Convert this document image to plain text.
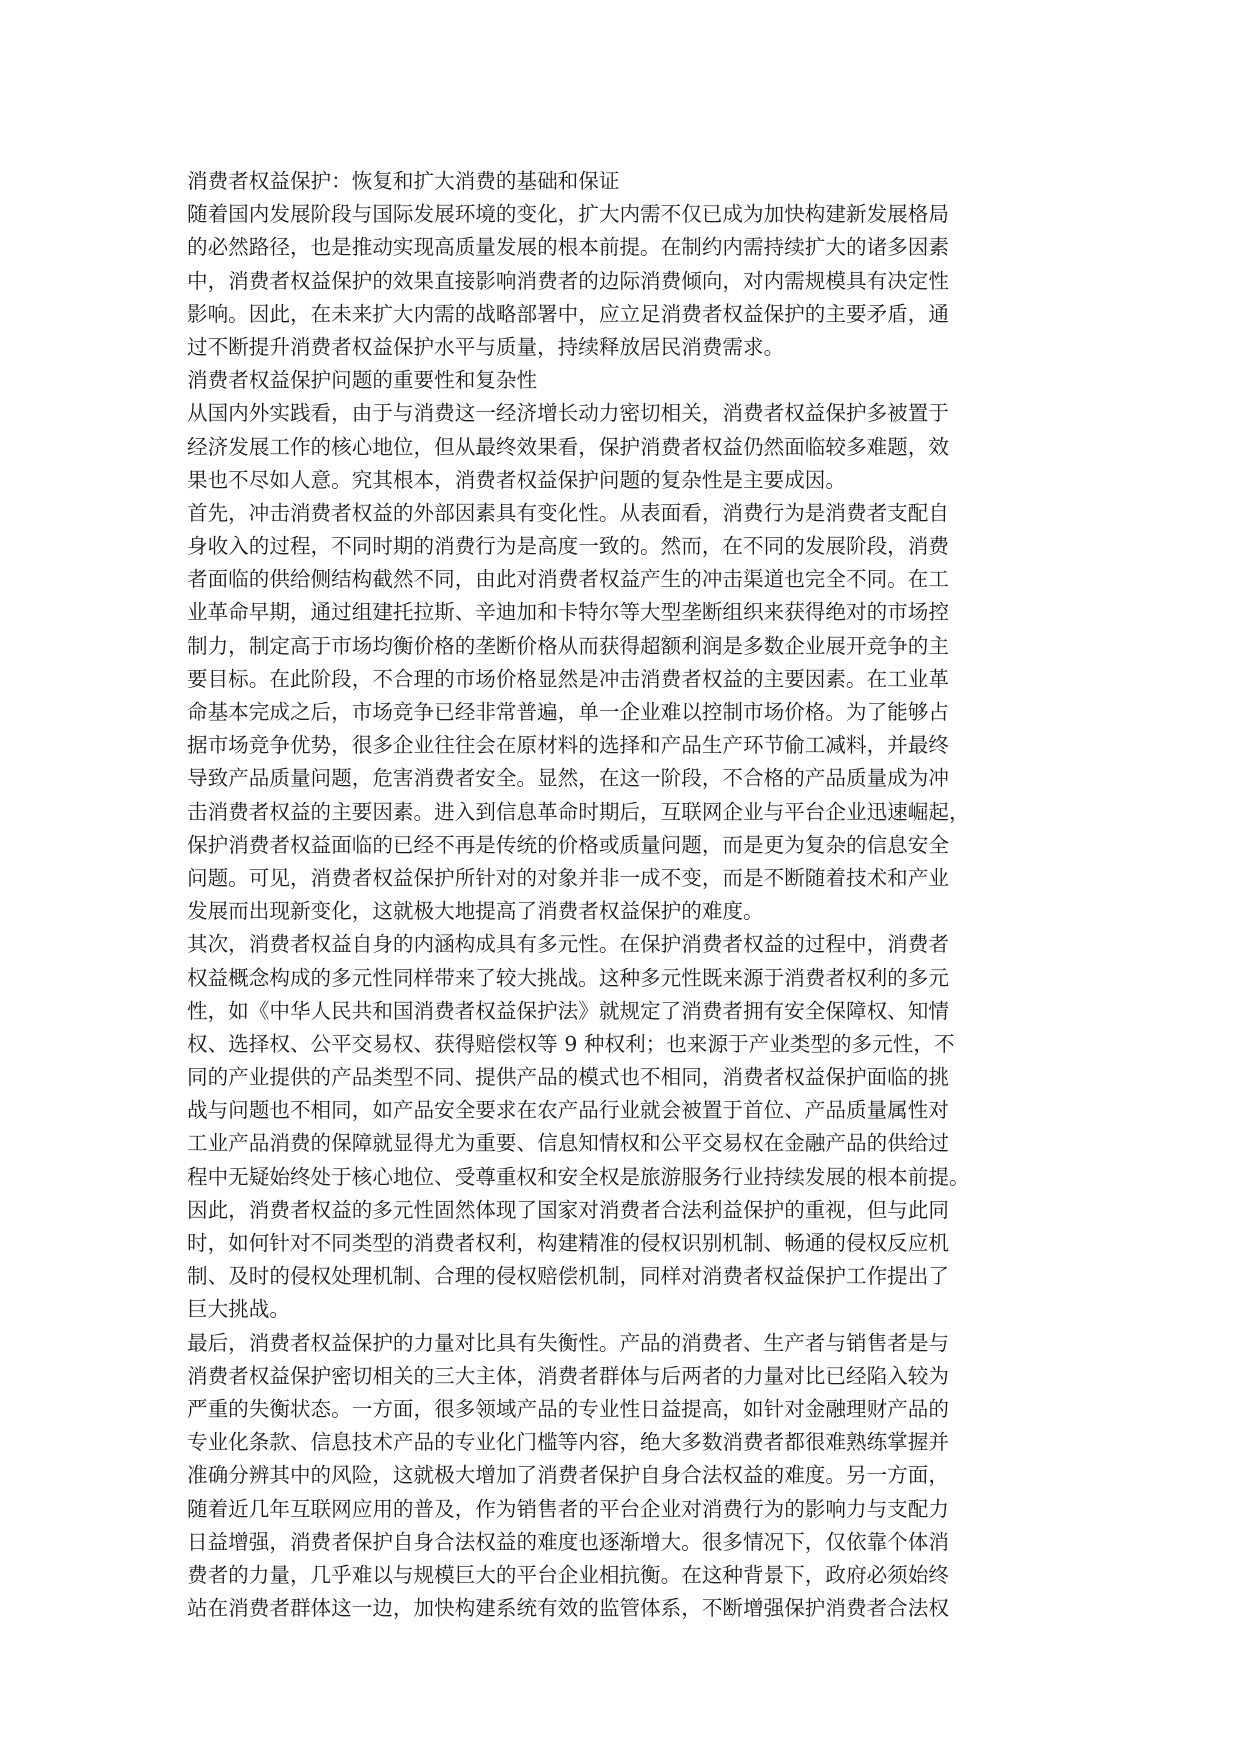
消费者权益保护：恢复和扩大消费的基础和保证
随着国内发展阶段与国际发展环境的变化，扩大内需不仅已成为加快构建新发展格局
的必然路径，也是推动实现高质量发展的根本前提。在制约内需持续扩大的诸多因素
中，消费者权益保护的效果直接影响消费者的边际消费倾向，对内需规模具有决定性
影响。因此，在未来扩大内需的战略部署中，应立足消费者权益保护的主要矛盾，通
过不断提升消费者权益保护水平与质量，持续释放居民消费需求。
消费者权益保护问题的重要性和复杂性
从国内外实践看，由于与消费这一经济增长动力密切相关，消费者权益保护多被置于
经济发展工作的核心地位，但从最终效果看，保护消费者权益仍然面临较多难题，效
果也不尽如人意。究其根本，消费者权益保护问题的复杂性是主要成因。
首先，冲击消费者权益的外部因素具有变化性。从表面看，消费行为是消费者支配自
身收入的过程，不同时期的消费行为是高度一致的。然而，在不同的发展阶段，消费
者面临的供给侧结构截然不同，由此对消费者权益产生的冲击渠道也完全不同。在工
业革命早期，通过组建托拉斯、辛迪加和卡特尔等大型垄断组织来获得绝对的市场控
制力，制定高于市场均衡价格的垄断价格从而获得超额利润是多数企业展开竞争的主
要目标。在此阶段，不合理的市场价格显然是冲击消费者权益的主要因素。在工业革
命基本完成之后，市场竞争已经非常普遍，单一企业难以控制市场价格。为了能够占
据市场竞争优势，很多企业往往会在原材料的选择和产品生产环节偷工减料，并最终
导致产品质量问题，危害消费者安全。显然，在这一阶段，不合格的产品质量成为冲
击消费者权益的主要因素。进入到信息革命时期后，互联网企业与平台企业迅速崛起，
保护消费者权益面临的已经不再是传统的价格或质量问题，而是更为复杂的信息安全
问题。可见，消费者权益保护所针对的对象并非一成不变，而是不断随着技术和产业
发展而出现新变化，这就极大地提高了消费者权益保护的难度。
其次，消费者权益自身的内涵构成具有多元性。在保护消费者权益的过程中，消费者
权益概念构成的多元性同样带来了较大挑战。这种多元性既来源于消费者权利的多元
性，如《中华人民共和国消费者权益保护法》就规定了消费者拥有安全保障权、知情
权、选择权、公平交易权、获得赔偿权等 9 种权利；也来源于产业类型的多元性，不
同的产业提供的产品类型不同、提供产品的模式也不相同，消费者权益保护面临的挑
战与问题也不相同，如产品安全要求在农产品行业就会被置于首位、产品质量属性对
工业产品消费的保障就显得尤为重要、信息知情权和公平交易权在金融产品的供给过
程中无疑始终处于核心地位、受尊重权和安全权是旅游服务行业持续发展的根本前提。
因此，消费者权益的多元性固然体现了国家对消费者合法利益保护的重视，但与此同
时，如何针对不同类型的消费者权利，构建精准的侵权识别机制、畅通的侵权反应机
制、及时的侵权处理机制、合理的侵权赔偿机制，同样对消费者权益保护工作提出了
巨大挑战。
最后，消费者权益保护的力量对比具有失衡性。产品的消费者、生产者与销售者是与
消费者权益保护密切相关的三大主体，消费者群体与后两者的力量对比已经陷入较为
严重的失衡状态。一方面，很多领域产品的专业性日益提高，如针对金融理财产品的
专业化条款、信息技术产品的专业化门槛等内容，绝大多数消费者都很难熟练掌握并
准确分辨其中的风险，这就极大增加了消费者保护自身合法权益的难度。另一方面，
随着近几年互联网应用的普及，作为销售者的平台企业对消费行为的影响力与支配力
日益增强，消费者保护自身合法权益的难度也逐渐增大。很多情况下，仅依靠个体消
费者的力量，几乎难以与规模巨大的平台企业相抗衡。在这种背景下，政府必须始终
站在消费者群体这一边，加快构建系统有效的监管体系，不断增强保护消费者合法权
